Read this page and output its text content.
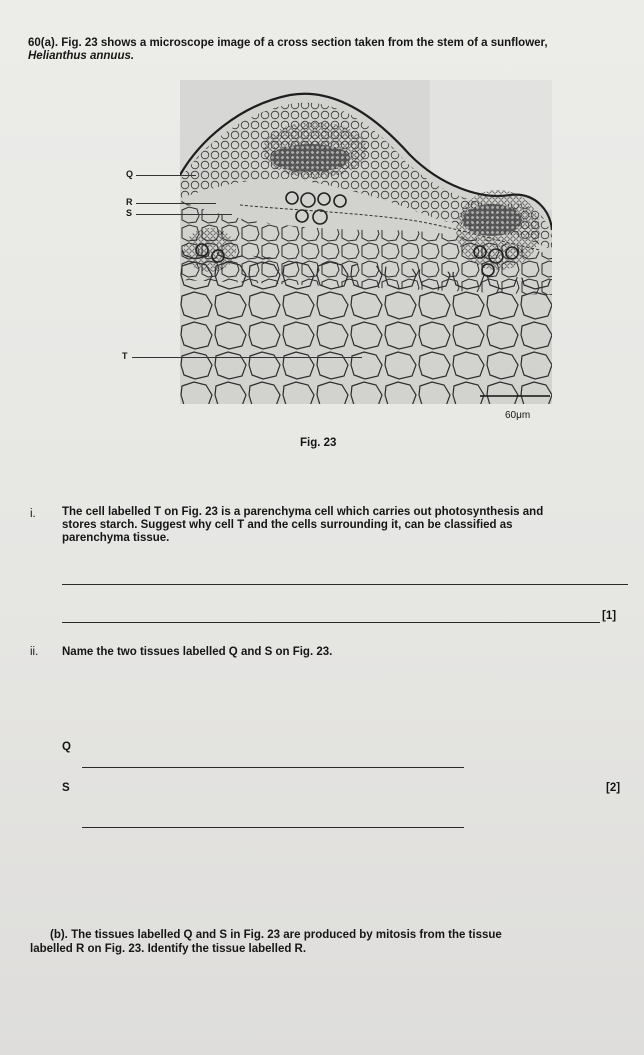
60(a). Fig. 23 shows a microscope image of a cross section taken from the stem of a sunflower,
Helianthus annuus.
Q
R
S
T
60μm
Fig. 23
i. The cell labelled T on Fig. 23 is a parenchyma cell which carries out photosynthesis and
stores starch. Suggest why cell T and the cells surrounding it, can be classified as
parenchyma tissue.
[1]
ii. Name the two tissues labelled Q and S on Fig. 23.
Q
S	[2]
(b). The tissues labelled Q and S in Fig. 23 are produced by mitosis from the tissue
labelled R on Fig. 23. Identify the tissue labelled R.
